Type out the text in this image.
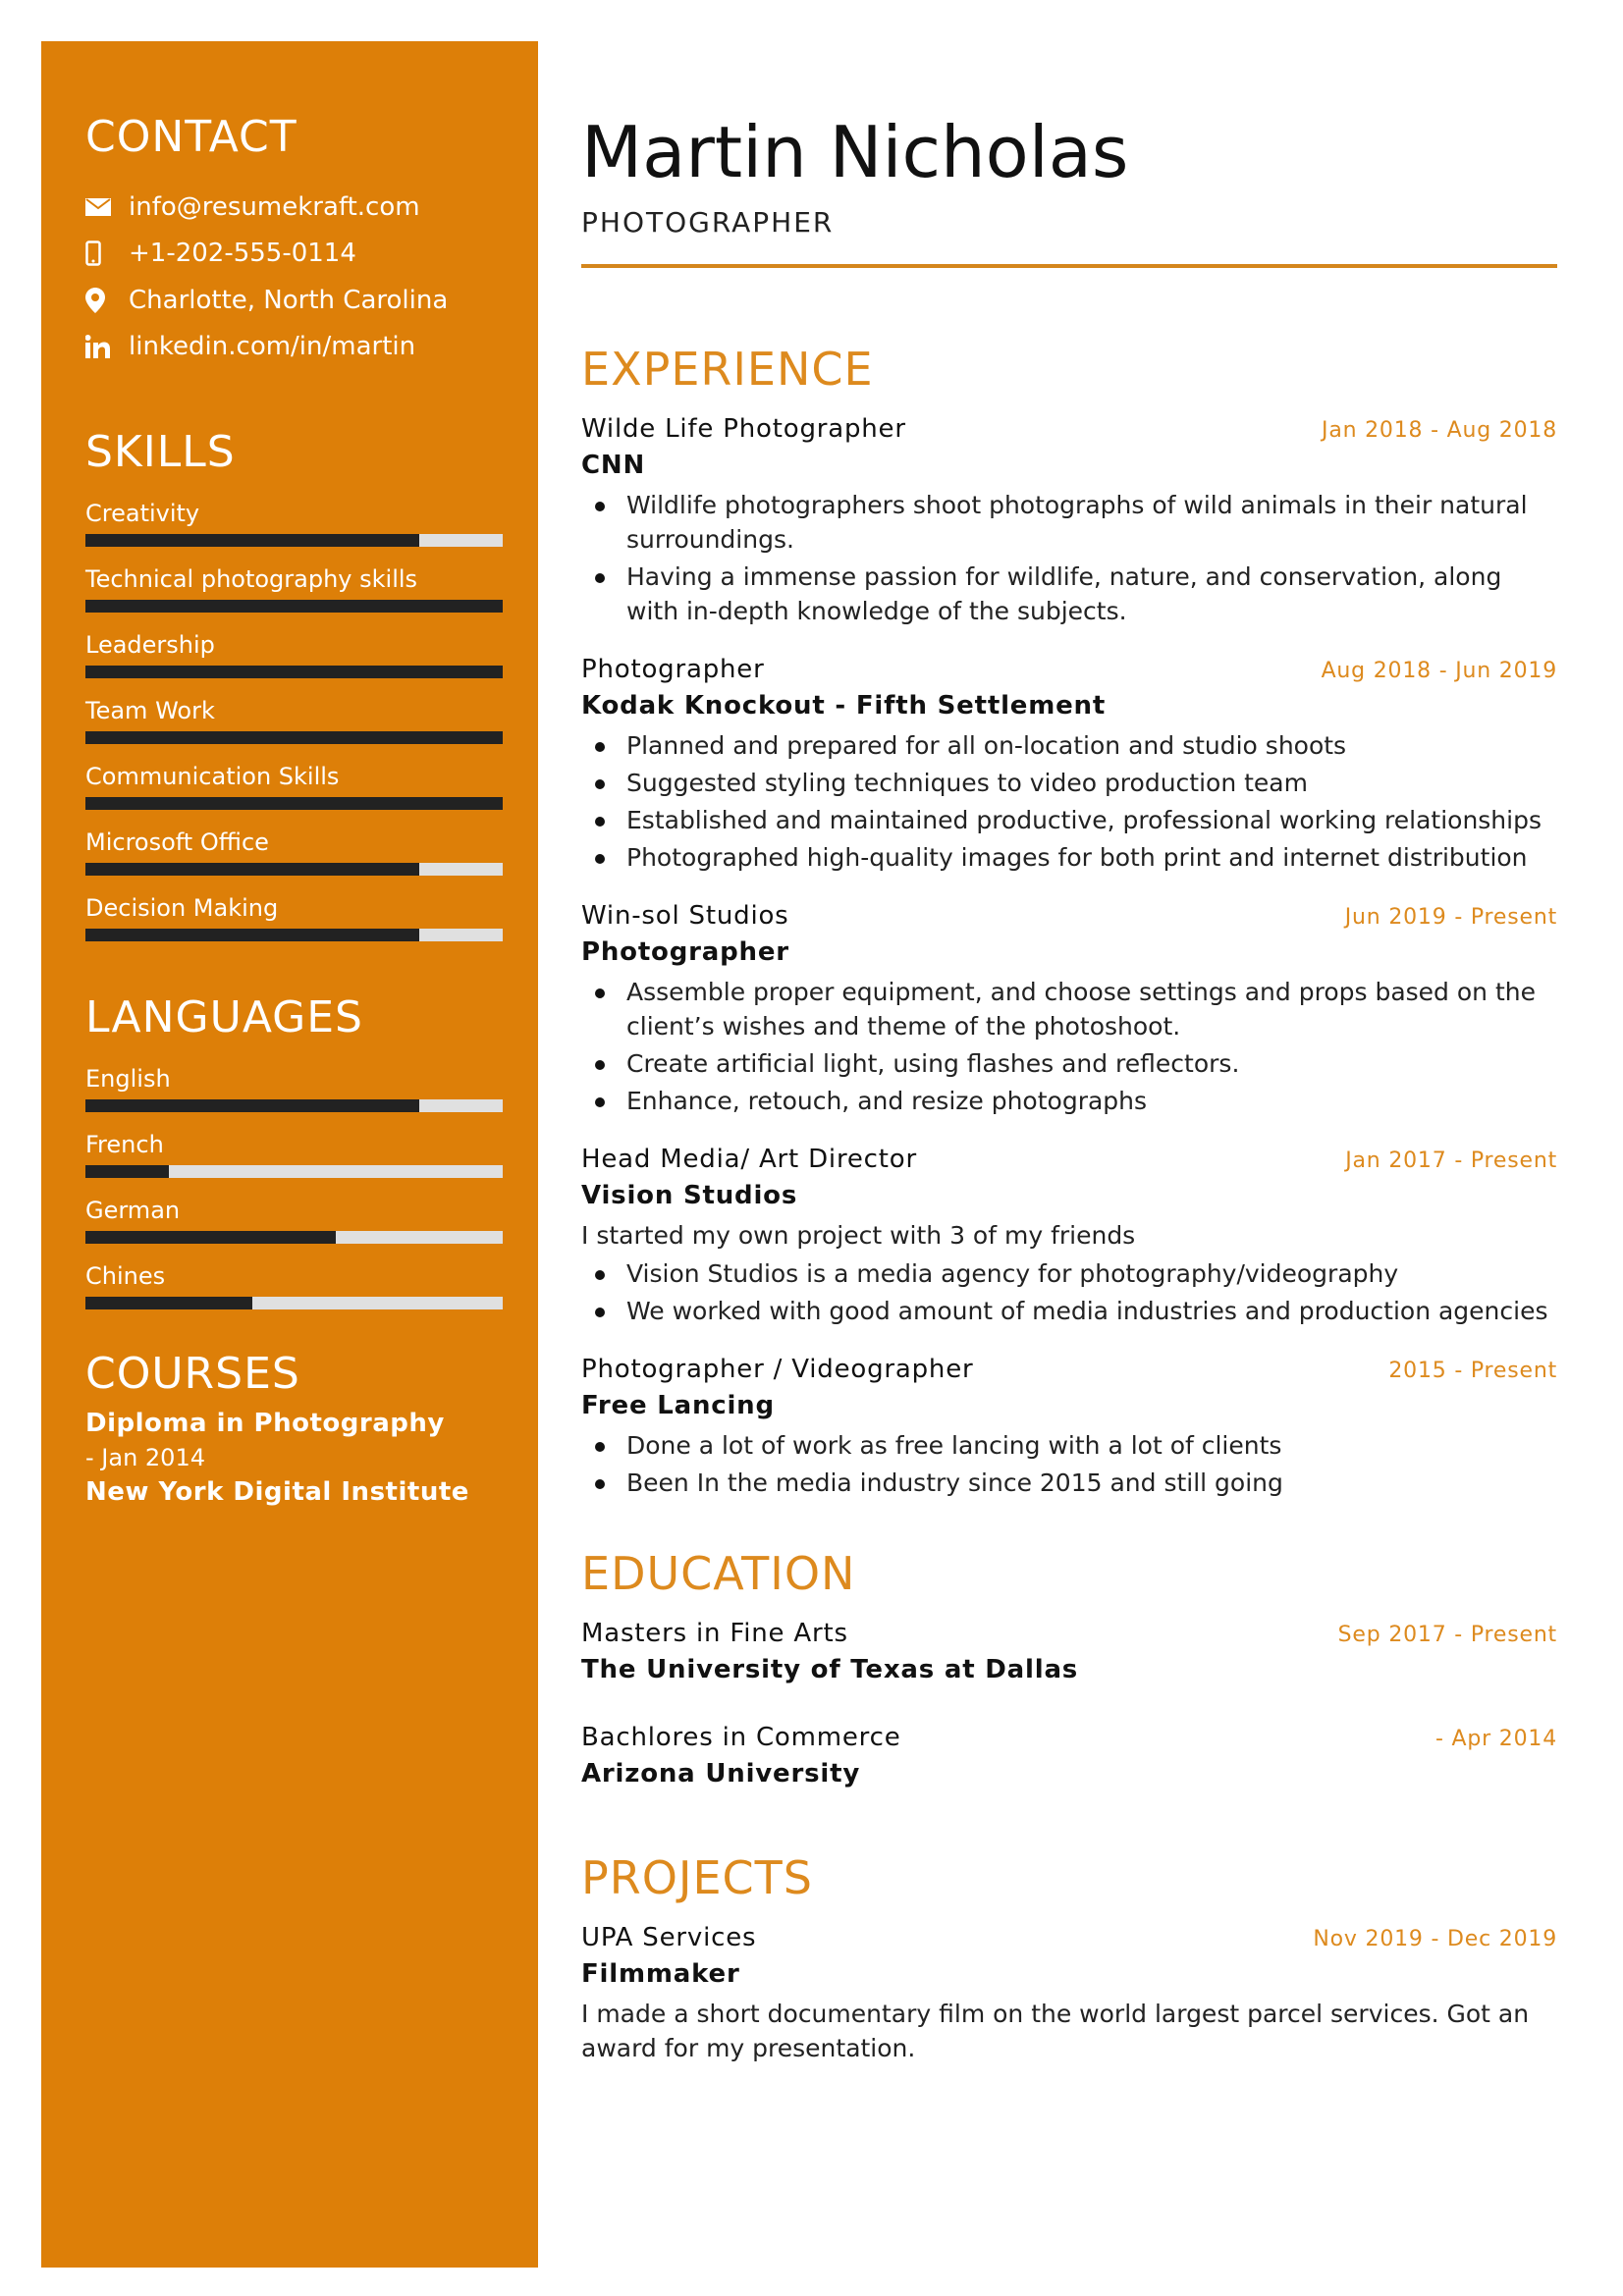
CONTACT
info@resumekraft.com
+1-202-555-0114
Charlotte, North Carolina
linkedin.com/in/martin
SKILLS
Creativity
Technical photography skills
Leadership
Team Work
Communication Skills
Microsoft Office
Decision Making
LANGUAGES
English
French
German
Chines
COURSES
Diploma in Photography
- Jan 2014
New York Digital Institute
Martin Nicholas
PHOTOGRAPHER
EXPERIENCE
Wilde Life Photographer	Jan 2018 - Aug 2018
CNN
Wildlife photographers shoot photographs of wild animals in their natural surroundings.
Having a immense passion for wildlife, nature, and conservation, along with in-depth knowledge of the subjects.
Photographer	Aug 2018 - Jun 2019
Kodak Knockout - Fifth Settlement
Planned and prepared for all on-location and studio shoots
Suggested styling techniques to video production team
Established and maintained productive, professional working relationships
Photographed high-quality images for both print and internet distribution
Win-sol Studios	Jun 2019 - Present
Photographer
Assemble proper equipment, and choose settings and props based on the client’s wishes and theme of the photoshoot.
Create artificial light, using flashes and reflectors.
Enhance, retouch, and resize photographs
Head Media/ Art Director	Jan 2017 - Present
Vision Studios
I started my own project with 3 of my friends
Vision Studios is a media agency for photography/videography
We worked with good amount of media industries and production agencies
Photographer / Videographer	2015 - Present
Free Lancing
Done a lot of work as free lancing with a lot of clients
Been In the media industry since 2015 and still going
EDUCATION
Masters in Fine Arts	Sep 2017 - Present
The University of Texas at Dallas
Bachlores in Commerce	- Apr 2014
Arizona University
PROJECTS
UPA Services	Nov 2019 - Dec 2019
Filmmaker
I made a short documentary film on the world largest parcel services. Got an award for my presentation.
